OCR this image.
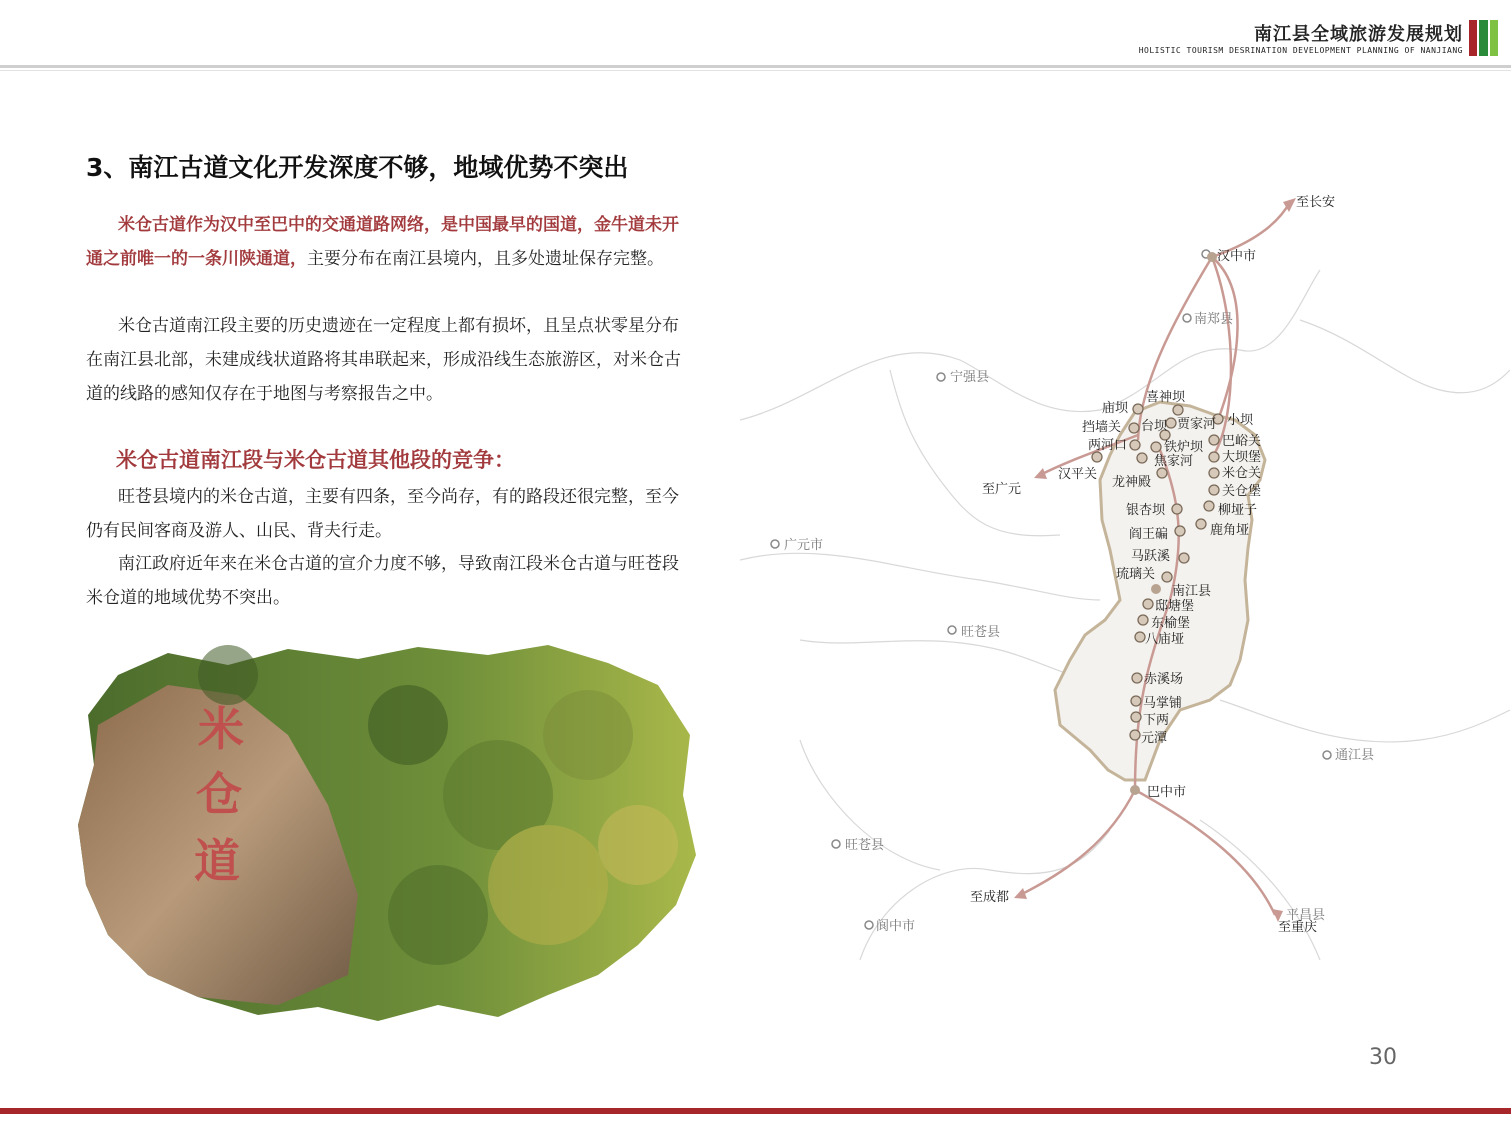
南江县全域旅游发展规划
HOLISTIC TOURISM DESRINATION DEVELOPMENT PLANNING OF NANJIANG
3、南江古道文化开发深度不够，地域优势不突出

米仓古道作为汉中至巴中的交通道路网络，是中国最早的国道，金牛道未开通之前唯一的一条川陕通道，主要分布在南江县境内，且多处遗址保存完整。

米仓古道南江段主要的历史遗迹在一定程度上都有损坏，且呈点状零星分布在南江县北部，未建成线状道路将其串联起来，形成沿线生态旅游区，对米仓古道的线路的感知仅存在于地图与考察报告之中。

米仓古道南江段与米仓古道其他段的竞争：

旺苍县境内的米仓古道，主要有四条，至今尚存，有的路段还很完整，至今仍有民间客商及游人、山民、背夫行走。

南江政府近年来在米仓古道的宣介力度不够，导致南江段米仓古道与旺苍段米仓道的地域优势不突出。

米
仓
道
至长安
汉中市
南郑县
宁强县
至广元
广元市
旺苍县
通江县
巴中市
旺苍县
至成都
阆中市
平昌县
至重庆
南江县
庙坝
喜神坝
挡墙关 台坝 贾家河 小坝
两河口	铁炉坝 巴峪关
焦家河 大坝堡
汉平关	米仓关
龙神殿
关仓堡
银杏坝	柳垭子
阎王碥	鹿角垭
马跃溪
琉璃关
邸塘堡
东榆堡
八庙垭
赤溪场
马掌铺
下两
元潭
30
